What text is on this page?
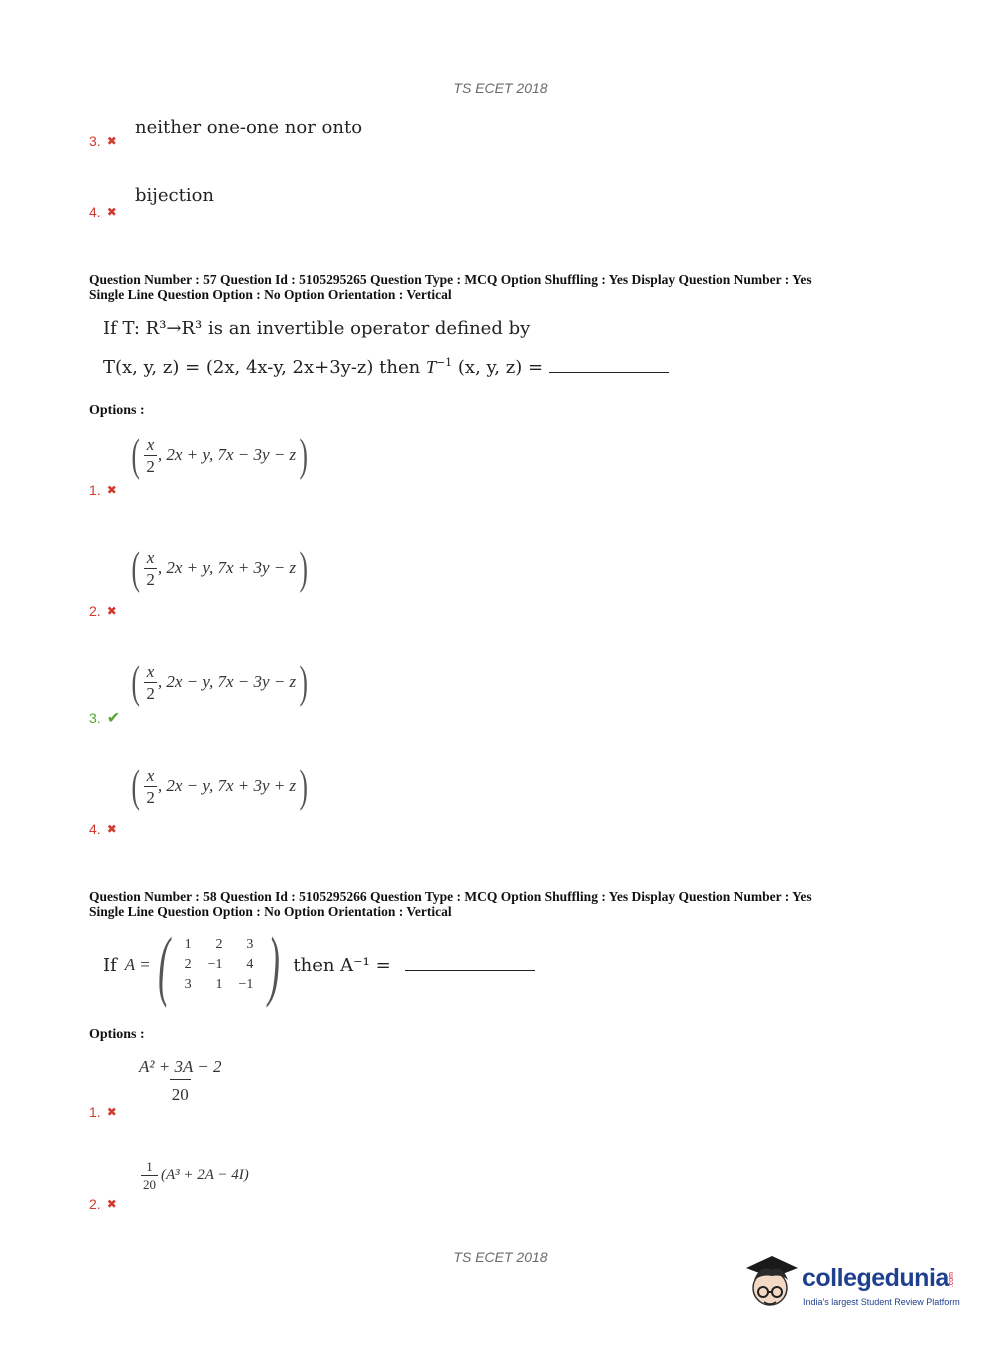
TS ECET 2018
neither one-one nor onto
3. ✖
bijection
4. ✖
Question Number : 57 Question Id : 5105295265 Question Type : MCQ Option Shuffling : Yes Display Question Number : Yes
Single Line Question Option : No Option Orientation : Vertical
If T: R³→R³ is an invertible operator defined by
T(x, y, z) = (2x, 4x-y, 2x+3y-z) then $T^{-1}$ (x, y, z) =
Options :
( $\frac{x}{2}$ , 2x + y, 7x − 3y − z )
1. ✖
( $\frac{x}{2}$ , 2x + y, 7x + 3y − z )
2. ✖
( $\frac{x}{2}$ , 2x − y, 7x − 3y − z )
3. ✔
( $\frac{x}{2}$ , 2x − y, 7x + 3y + z )
4. ✖
Question Number : 58 Question Id : 5105295266 Question Type : MCQ Option Shuffling : Yes Display Question Number : Yes
Single Line Question Option : No Option Orientation : Vertical
If A = ( 1	2	3
2	−1	4
3	1	−1 ) then A⁻¹ =
Options :
$\frac{\text{A² + 3A − 2}}{20}$
1. ✖
$\frac{1}{20} (A^3 + 2A - 4I)$
2. ✖
TS ECET 2018
collegedunia .com
India's largest Student Review Platform
